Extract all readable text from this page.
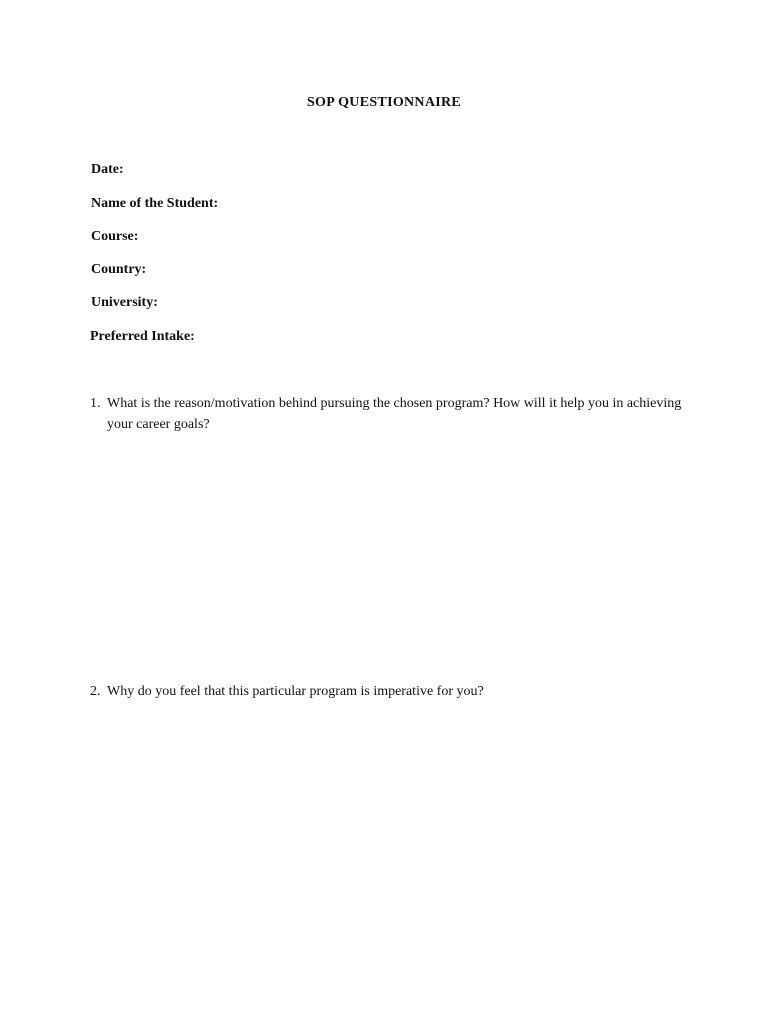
SOP QUESTIONNAIRE
Date:
Name of the Student:
Course:
Country:
University:
Preferred Intake:
1. What is the reason/motivation behind pursuing the chosen program? How will it help you in achieving your career goals?
2. Why do you feel that this particular program is imperative for you?
